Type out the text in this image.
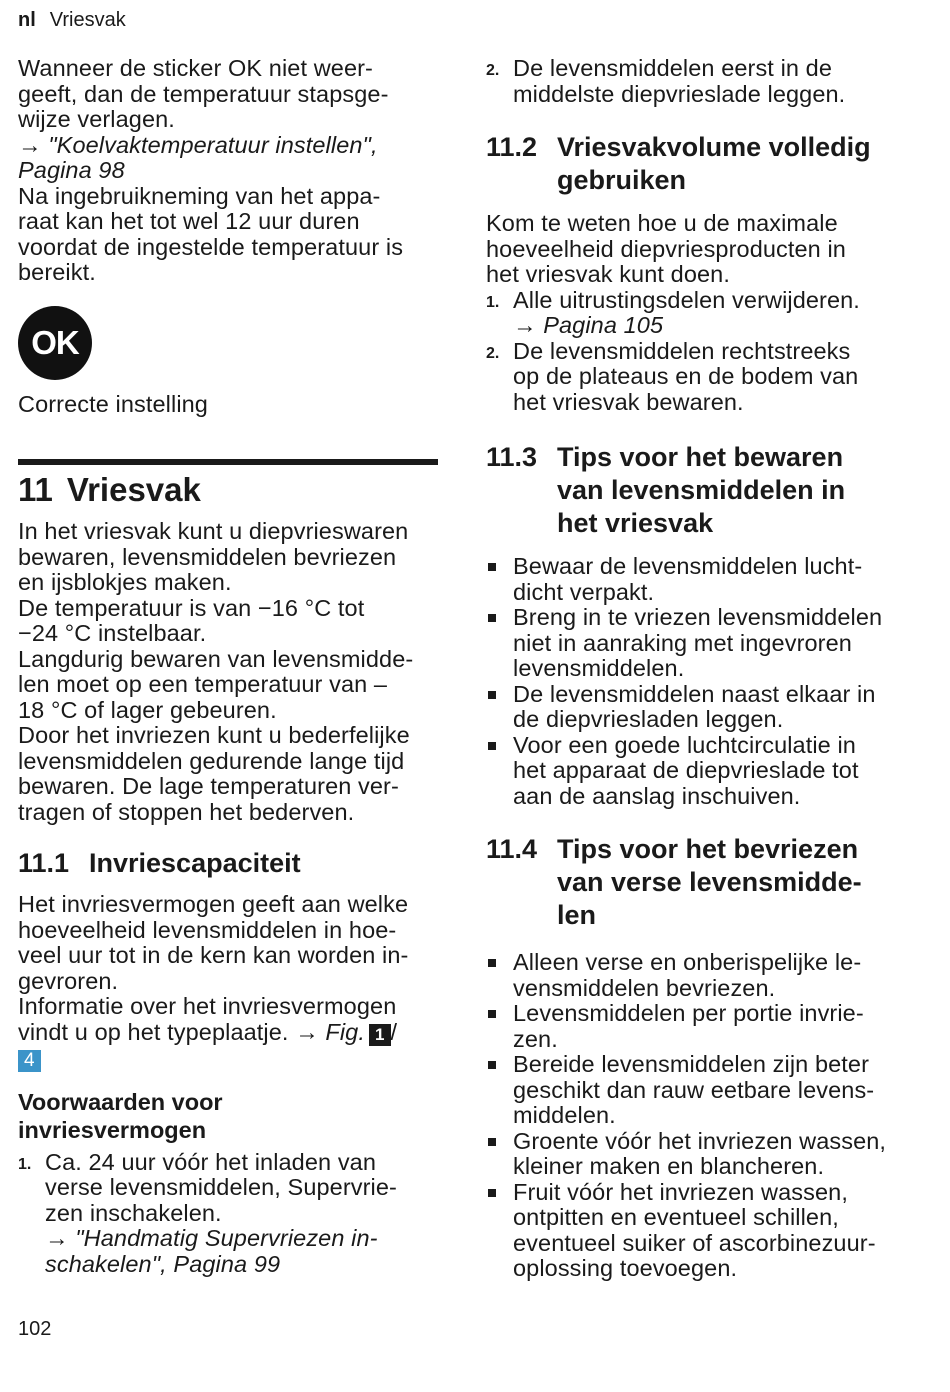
nl Vriesvak

Wanneer de sticker OK niet weer-
geeft, dan de temperatuur stapsge-
wijze verlagen.

→ "Koelvaktemperatuur instellen",
Pagina 98

Na ingebruikneming van het appa-
raat kan het tot wel 12 uur duren
voordat de ingestelde temperatuur is
bereikt.

OK

Correcte instelling

11 Vriesvak

In het vriesvak kunt u diepvrieswaren
bewaren, levensmiddelen bevriezen
en ijsblokjes maken.

De temperatuur is van −16 °C tot
−24 °C instelbaar.

Langdurig bewaren van levensmidde-
len moet op een temperatuur van –
18 °C of lager gebeuren.

Door het invriezen kunt u bederfelijke
levensmiddelen gedurende lange tijd
bewaren. De lage temperaturen ver-
tragen of stoppen het bederven.

11.1 Invriescapaciteit

Het invriesvermogen geeft aan welke
hoeveelheid levensmiddelen in hoe-
veel uur tot in de kern kan worden in-
gevroren.

Informatie over het invriesvermogen
vindt u op het typeplaatje. → Fig. 1 /
4

Voorwaarden voor
invriesvermogen
1. Ca. 24 uur vóór het inladen van
verse levensmiddelen, Supervrie-
zen inschakelen.

→ "Handmatig Supervriezen in-
schakelen", Pagina 99

2. De levensmiddelen eerst in de
middelste diepvrieslade leggen.

11.2 Vriesvakvolume volledig
gebruiken

Kom te weten hoe u de maximale
hoeveelheid diepvriesproducten in
het vriesvak kunt doen.

1. Alle uitrustingsdelen verwijderen.

→ Pagina 105

2. De levensmiddelen rechtstreeks
op de plateaus en de bodem van
het vriesvak bewaren.

11.3 Tips voor het bewaren
van levensmiddelen in
het vriesvak

Bewaar de levensmiddelen lucht-
dicht verpakt.

Breng in te vriezen levensmiddelen
niet in aanraking met ingevroren
levensmiddelen.

De levensmiddelen naast elkaar in
de diepvriesladen leggen.

Voor een goede luchtcirculatie in
het apparaat de diepvrieslade tot
aan de aanslag inschuiven.

11.4 Tips voor het bevriezen
van verse levensmidde-
len

Alleen verse en onberispelijke le-
vensmiddelen bevriezen.

Levensmiddelen per portie invrie-
zen.

Bereide levensmiddelen zijn beter
geschikt dan rauw eetbare levens-
middelen.

Groente vóór het invriezen wassen,
kleiner maken en blancheren.

Fruit vóór het invriezen wassen,
ontpitten en eventueel schillen,
eventueel suiker of ascorbinezuur-
oplossing toevoegen.

102
